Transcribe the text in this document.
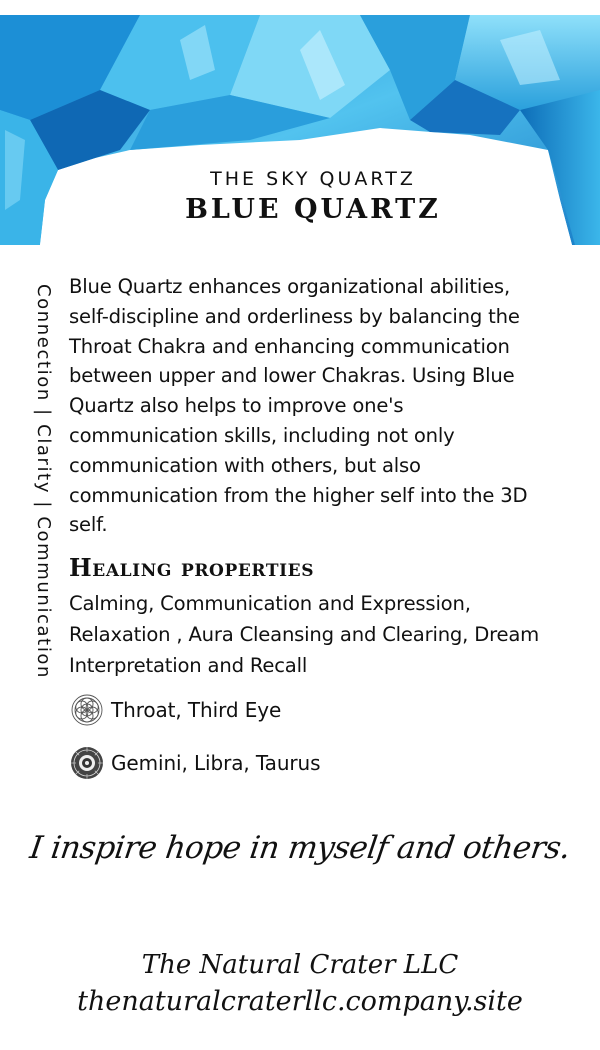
THE SKY QUARTZ
BLUE QUARTZ
Connection | Clarity | Communication Blue Quartz enhances organizational abilities, self-discipline and orderliness by balancing the Throat Chakra and enhancing communication between upper and lower Chakras. Using Blue Quartz also helps to improve one's communication skills, including not only communication with others, but also communication from the higher self into the 3D self.
Healing properties
Calming, Communication and Expression, Relaxation , Aura Cleansing and Clearing, Dream Interpretation and Recall
Throat, Third Eye
Gemini, Libra, Taurus
I inspire hope in myself and others.
The Natural Crater LLC
thenaturalcraterllc.company.site
